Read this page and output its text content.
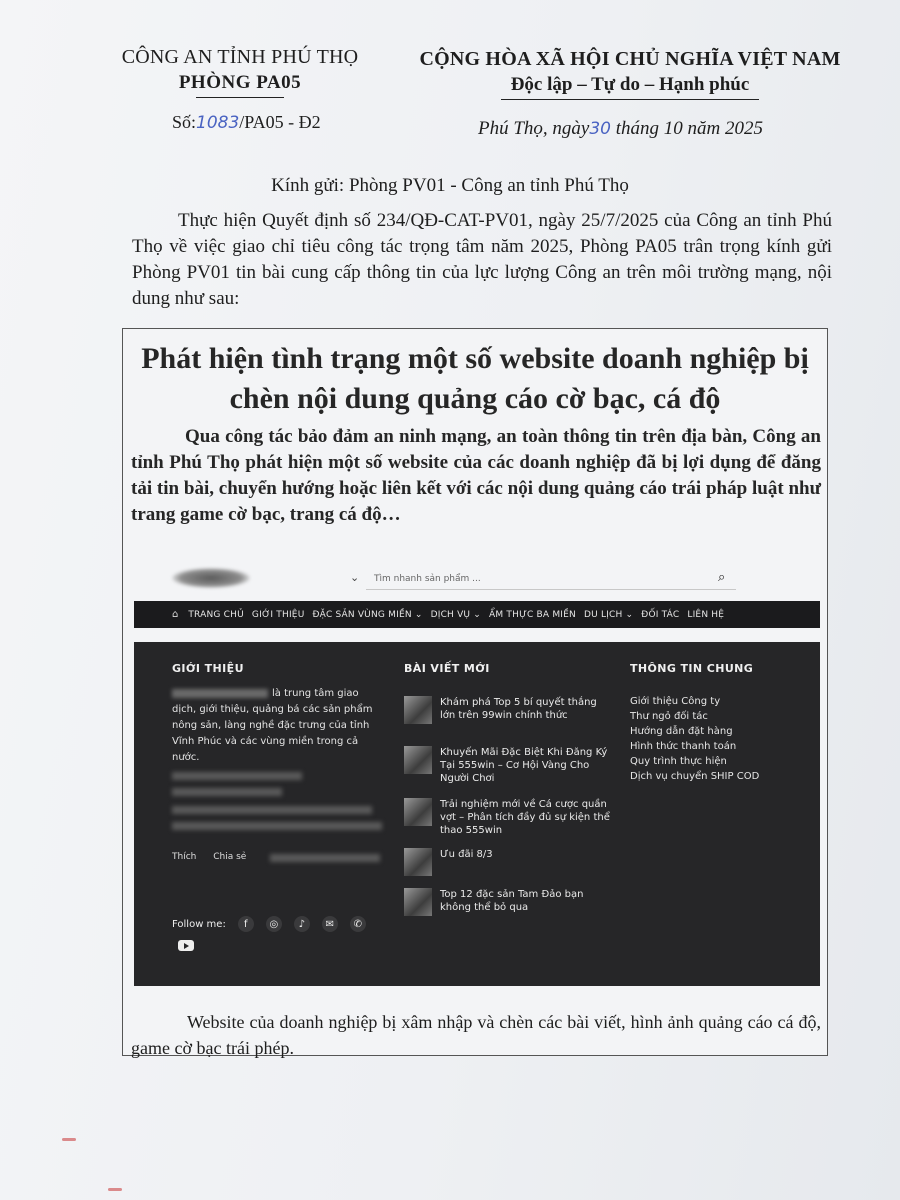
CÔNG AN TỈNH PHÚ THỌ
PHÒNG PA05
CỘNG HÒA XÃ HỘI CHỦ NGHĨA VIỆT NAM
Độc lập – Tự do – Hạnh phúc
Số:1083/PA05 - Đ2	Phú Thọ, ngày30 tháng 10 năm 2025
Kính gửi: Phòng PV01 - Công an tỉnh Phú Thọ
Thực hiện Quyết định số 234/QĐ-CAT-PV01, ngày 25/7/2025 của Công an tỉnh Phú Thọ về việc giao chỉ tiêu công tác trọng tâm năm 2025, Phòng PA05 trân trọng kính gửi Phòng PV01 tin bài cung cấp thông tin của lực lượng Công an trên môi trường mạng, nội dung như sau:
Phát hiện tình trạng một số website doanh nghiệp bị chèn nội dung quảng cáo cờ bạc, cá độ
Qua công tác bảo đảm an ninh mạng, an toàn thông tin trên địa bàn, Công an tỉnh Phú Thọ phát hiện một số website của các doanh nghiệp đã bị lợi dụng để đăng tải tin bài, chuyển hướng hoặc liên kết với các nội dung quảng cáo trái pháp luật như trang game cờ bạc, trang cá độ…
Website của doanh nghiệp bị xâm nhập và chèn các bài viết, hình ảnh quảng cáo cá độ, game cờ bạc trái phép.
⌄ Tìm nhanh sản phẩm ...	⌕
⌂ TRANG CHỦ GIỚI THIỆU ĐẶC SẢN VÙNG MIỀN ⌄ DỊCH VỤ ⌄ ẨM THỰC BA MIỀN DU LỊCH ⌄ ĐỐI TÁC LIÊN HỆ
GIỚI THIỆU
là trung tâm giao dịch, giới thiệu, quảng bá các sản phẩm nông sản, làng nghề đặc trưng của tỉnh Vĩnh Phúc và các vùng miền trong cả nước.
Thích Chia sẻ
Follow me:	f	◎	♪	✉	✆
BÀI VIẾT MỚI
Khám phá Top 5 bí quyết thắng lớn trên 99win chính thức
Khuyến Mãi Đặc Biệt Khi Đăng Ký Tại 555win – Cơ Hội Vàng Cho Người Chơi
Trải nghiệm mới về Cá cược quần vợt – Phân tích đầy đủ sự kiện thể thao 555win
Ưu đãi 8/3
Top 12 đặc sản Tam Đảo bạn không thể bỏ qua
THÔNG TIN CHUNG
Giới thiệu Công ty
Thư ngỏ đối tác
Hướng dẫn đặt hàng
Hình thức thanh toán
Quy trình thực hiện
Dịch vụ chuyển SHIP COD
